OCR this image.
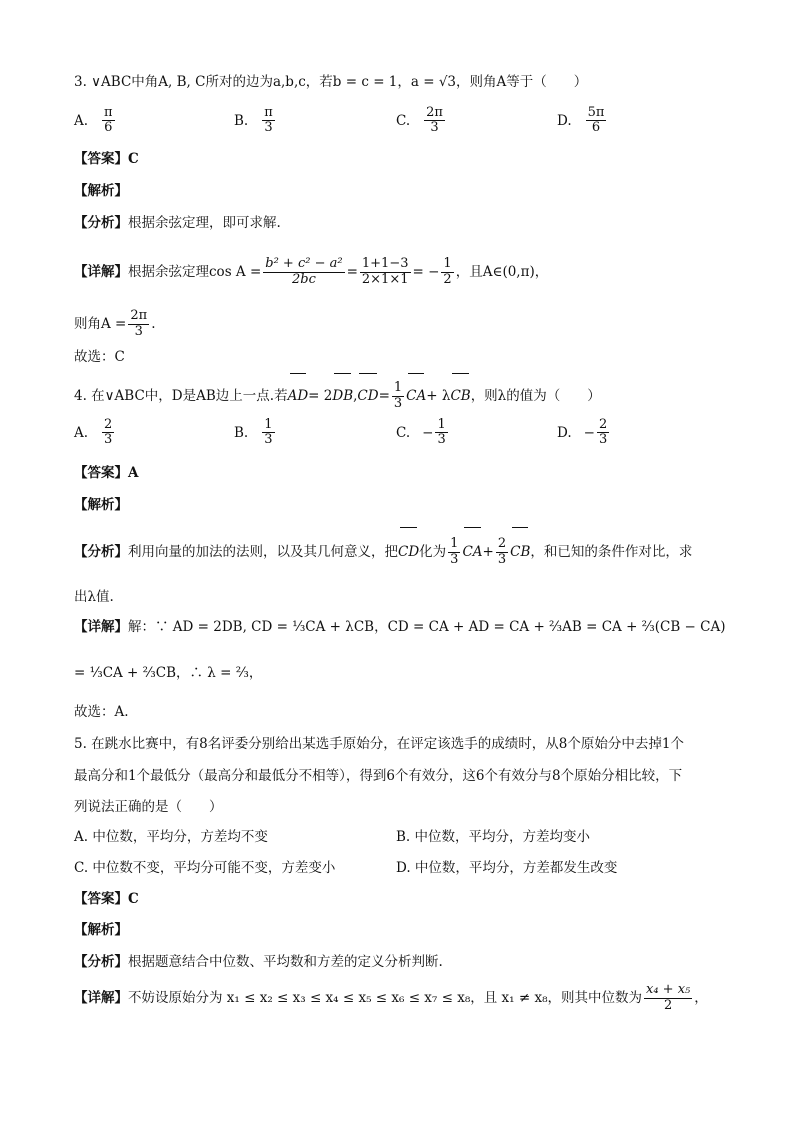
3. ∨ABC中角A, B, C所对的边为a,b,c，若b = c = 1，a = √3，则角A等于（　　）
A. $\frac{\pi}{6}$	B. $\frac{\pi}{3}$	C. $\frac{2\pi}{3}$	D. $\frac{5\pi}{6}$
【答案】C
【解析】
【分析】根据余弦定理，即可求解.
【详解】 根据余弦定理$\cos A = \frac{\text{b² + c² − a²}}{2bc} = \frac{1+1-3}{2\times 1\times 1}$ = − $\frac{1}{2}$ ，且A∈(0,π)，
则角$A = \frac{2\pi}{3}$ .
故选：C
4. 在∨ABC中，D是AB边上一点.若 AD = 2 DB , CD = $\frac{1}{3}$ CA + λ CB ，则λ的值为（　　）
A. $\frac{2}{3}$	B. $\frac{1}{3}$	C. − $\frac{1}{3}$	D. − $\frac{2}{3}$
【答案】A
【解析】
【分析】 利用向量的加法的法则，以及其几何意义，把 CD 化为 $\frac{1}{3}$ CA + $\frac{2}{3}$ CB ，和已知的条件作对比，求
出λ值.
【详解】解：∵ AD = 2DB, CD = ⅓CA + λCB，CD = CA + AD = CA + ⅔AB = CA + ⅔(CB − CA)
= ⅓CA + ⅔CB，∴ λ = ⅔，
故选：A.
5. 在跳水比赛中，有8名评委分别给出某选手原始分，在评定该选手的成绩时，从8个原始分中去掉1个
最高分和1个最低分（最高分和最低分不相等），得到6个有效分，这6个有效分与8个原始分相比较，下
列说法正确的是（　　）
A. 中位数，平均分，方差均不变	B. 中位数，平均分，方差均变小
C. 中位数不变，平均分可能不变，方差变小	D. 中位数，平均分，方差都发生改变
【答案】C
【解析】
【分析】根据题意结合中位数、平均数和方差的定义分析判断.
【详解】 不妨设原始分为 x₁ ≤ x₂ ≤ x₃ ≤ x₄ ≤ x₅ ≤ x₆ ≤ x₇ ≤ x₈，且 x₁ ≠ x₈，则其中位数为 $\frac{\text{x₄ + x₅}}{2}$ ，
